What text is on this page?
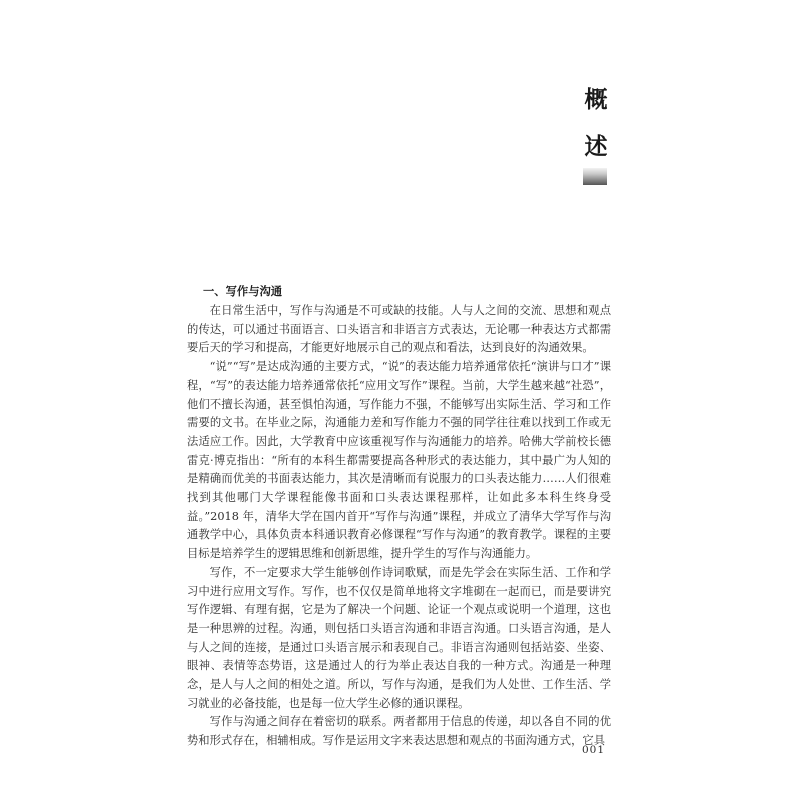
概
述

一、写作与沟通

在日常生活中，写作与沟通是不可或缺的技能。人与人之间的交流、思想和观点的传达，可以通过书面语言、口头语言和非语言方式表达，无论哪一种表达方式都需要后天的学习和提高，才能更好地展示自己的观点和看法，达到良好的沟通效果。

“说”“写”是达成沟通的主要方式，“说”的表达能力培养通常依托“演讲与口才”课程，“写”的表达能力培养通常依托“应用文写作”课程。当前，大学生越来越“社恐”，他们不擅长沟通，甚至惧怕沟通，写作能力不强，不能够写出实际生活、学习和工作需要的文书。在毕业之际，沟通能力差和写作能力不强的同学往往难以找到工作或无法适应工作。因此，大学教育中应该重视写作与沟通能力的培养。哈佛大学前校长德雷克·博克指出：“所有的本科生都需要提高各种形式的表达能力，其中最广为人知的是精确而优美的书面表达能力，其次是清晰而有说服力的口头表达能力……人们很难找到其他哪门大学课程能像书面和口头表达课程那样，让如此多本科生终身受益。”2018 年，清华大学在国内首开“写作与沟通”课程，并成立了清华大学写作与沟通教学中心，具体负责本科通识教育必修课程“写作与沟通”的教育教学。课程的主要目标是培养学生的逻辑思维和创新思维，提升学生的写作与沟通能力。

写作，不一定要求大学生能够创作诗词歌赋，而是先学会在实际生活、工作和学习中进行应用文写作。写作，也不仅仅是简单地将文字堆砌在一起而已，而是要讲究写作逻辑、有理有据，它是为了解决一个问题、论证一个观点或说明一个道理，这也是一种思辨的过程。沟通，则包括口头语言沟通和非语言沟通。口头语言沟通，是人与人之间的连接，是通过口头语言展示和表现自己。非语言沟通则包括站姿、坐姿、眼神、表情等态势语，这是通过人的行为举止表达自我的一种方式。沟通是一种理念，是人与人之间的相处之道。所以，写作与沟通，是我们为人处世、工作生活、学习就业的必备技能，也是每一位大学生必修的通识课程。

写作与沟通之间存在着密切的联系。两者都用于信息的传递，却以各自不同的优势和形式存在，相辅相成。写作是运用文字来表达思想和观点的书面沟通方式，它具

001
